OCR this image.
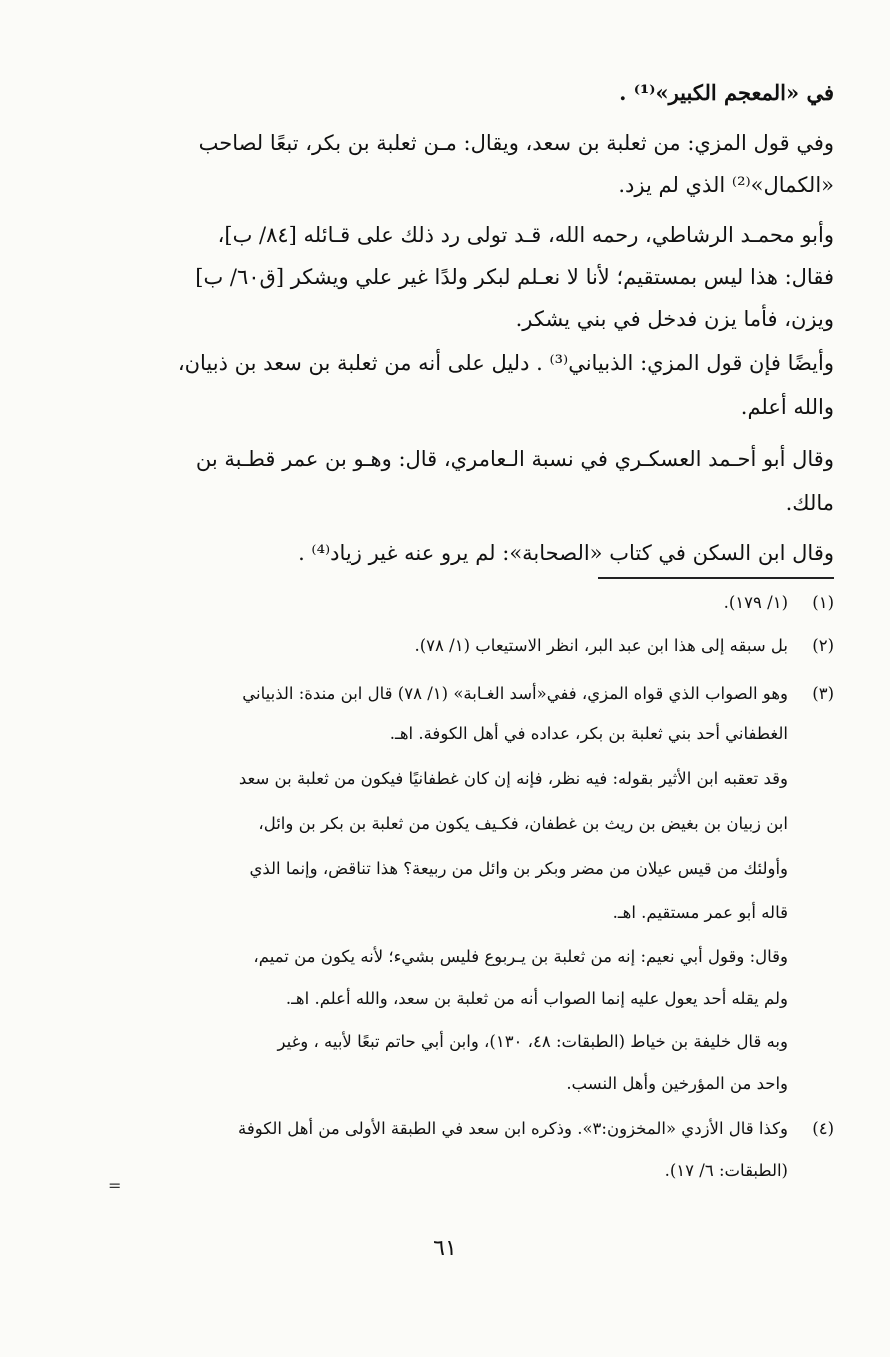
في «المعجم الكبير»⁽¹⁾ .

وفي قول المزي: من ثعلبة بن سعد، ويقال: مـن ثعلبة بن بكر، تبعًا لصاحب

«الكمال»⁽²⁾ الذي لم يزد.

وأبو محمـد الرشاطي، رحمه الله، قـد تولى رد ذلك على قـائله [٨٤/ ب]،

فقال: هذا ليس بمستقيم؛ لأنا لا نعـلم لبكر ولدًا غير علي ويشكر [ق٦٠/ ب]

ويزن، فأما يزن فدخل في بني يشكر.

وأيضًا فإن قول المزي: الذبياني⁽³⁾ . دليل على أنه من ثعلبة بن سعد بن ذبيان،

والله أعلم.

وقال أبو أحـمد العسكـري في نسبة الـعامري، قال: وهـو بن عمر قطـبة بن

مالك.

وقال ابن السكن في كتاب «الصحابة»: لم يرو عنه غير زياد⁽⁴⁾ .

(١)(١/ ١٧٩).
(٢)بل سبقه إلى هذا ابن عبد البر، انظر الاستيعاب (١/ ٧٨).
(٣)وهو الصواب الذي قواه المزي، ففي«أسد الغـابة» (١/ ٧٨) قال ابن مندة: الذبياني
الغطفاني أحد بني ثعلبة بن بكر، عداده في أهل الكوفة. اهـ.
وقد تعقبه ابن الأثير بقوله: فيه نظر، فإنه إن كان غطفانيًا فيكون من ثعلبة بن سعد
ابن زبيان بن بغيض بن ريث بن غطفان، فكـيف يكون من ثعلبة بن بكر بن وائل،
وأولئك من قيس عيلان من مضر وبكر بن وائل من ربيعة؟ هذا تناقض، وإنما الذي
قاله أبو عمر مستقيم. اهـ.
وقال: وقول أبي نعيم: إنه من ثعلبة بن يـربوع فليس بشيء؛ لأنه يكون من تميم،
ولم يقله أحد يعول عليه إنما الصواب أنه من ثعلبة بن سعد، والله أعلم. اهـ.
وبه قال خليفة بن خياط (الطبقات: ٤٨، ١٣٠)، وابن أبي حاتم تبعًا لأبيه ، وغير
واحد من المؤرخين وأهل النسب.
(٤)وكذا قال الأزدي «المخزون:٣». وذكره ابن سعد في الطبقة الأولى من أهل الكوفة
(الطبقات: ٦/ ١٧).
=
٦١
